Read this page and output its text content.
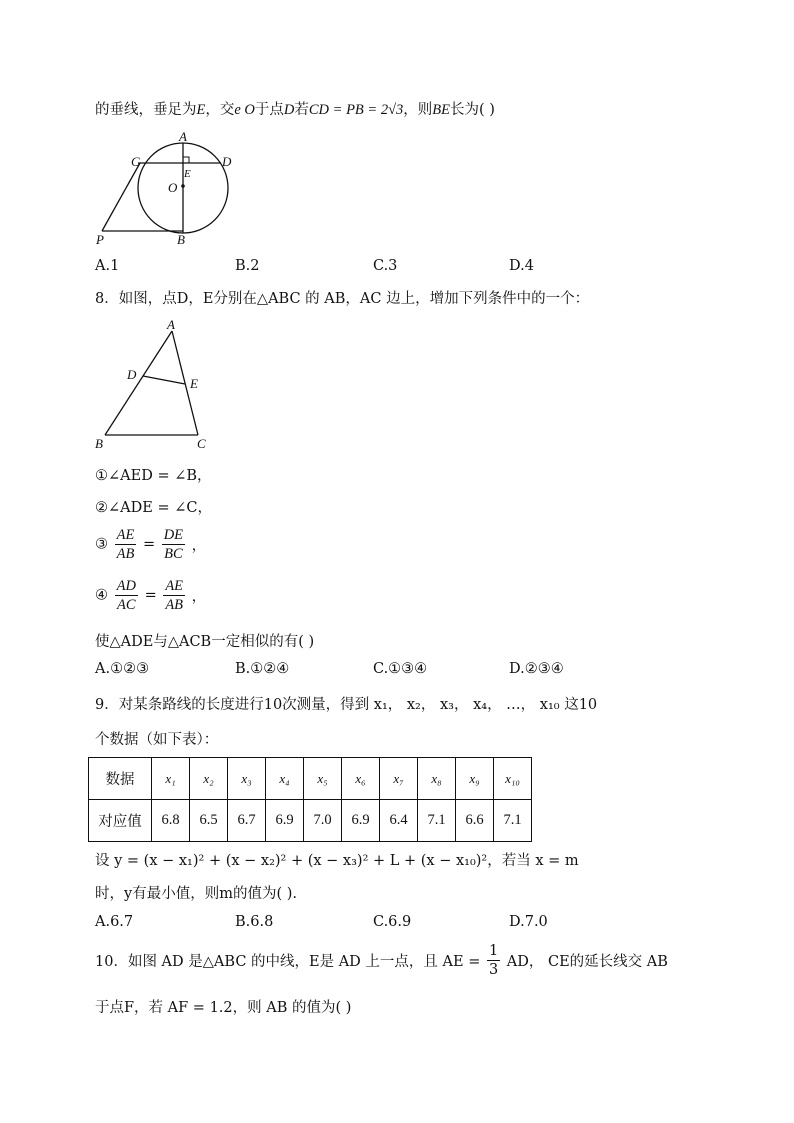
的垂线，垂足为E，交e O于点D若CD = PB = 2√3，则BE长为( )
A
C	D
E
O
P	B
A.1	B.2	C.3	D.4
8．如图，点D，E分别在△ABC 的 AB，AC 边上，增加下列条件中的一个：
A
D
E
B	C
①∠AED = ∠B，
②∠ADE = ∠C，
③ $\frac{AE}{AB} = \frac{DE}{BC}$ ，
④ $\frac{AD}{AC} = \frac{AE}{AB}$ ，
使△ADE与△ACB一定相似的有( )
A.①②③	B.①②④	C.①③④	D.②③④
9．对某条路线的长度进行10次测量，得到 x₁， x₂， x₃， x₄， …， x₁₀ 这10
个数据（如下表）：
数据	x₁	x₂	x₃	x₄	x₅	x₆	x₇	x₈	x₉	x₁₀
对应值	6.8	6.5	6.7	6.9	7.0	6.9	6.4	7.1	6.6	7.1
设 y = (x − x₁)² + (x − x₂)² + (x − x₃)² + L + (x − x₁₀)²，若当 x = m
时，y有最小值，则m的值为( ).
A.6.7	B.6.8	C.6.9	D.7.0
10．如图 AD 是△ABC 的中线，E是 AD 上一点，且 AE = $\frac{1}{3}$ AD， CE的延长线交 AB
于点F，若 AF = 1.2，则 AB 的值为( )
